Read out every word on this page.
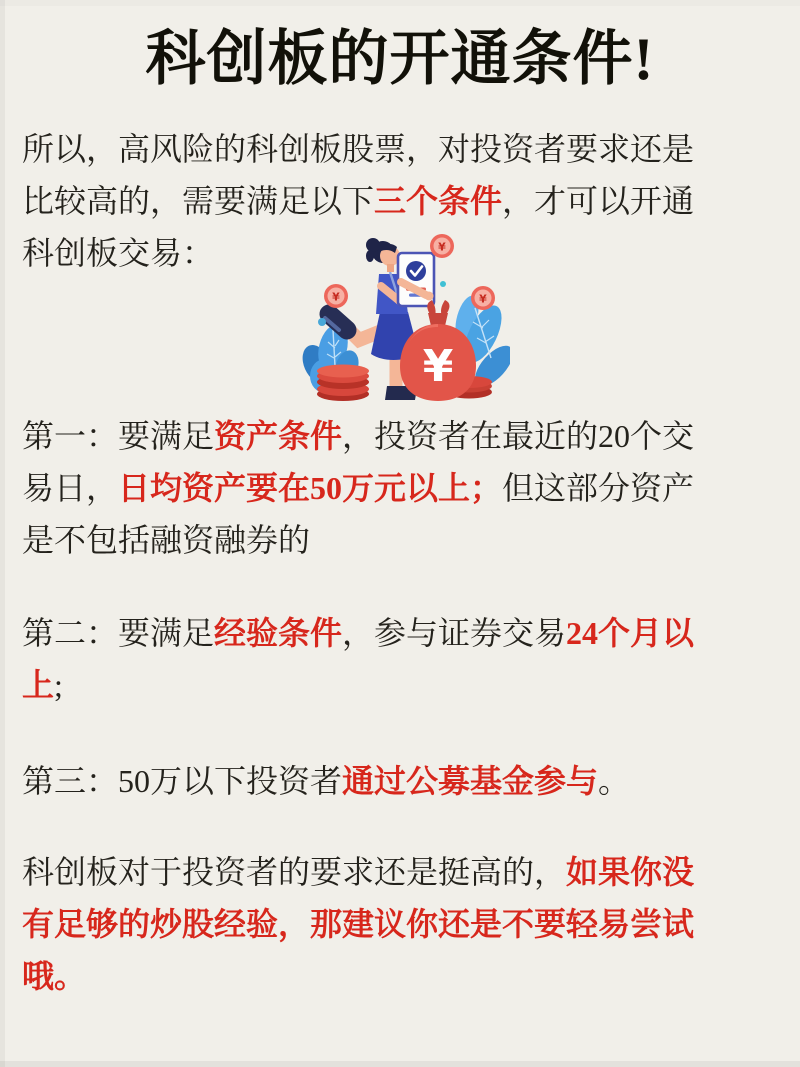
科创板的开通条件!
所以，高风险的科创板股票，对投资者要求还是比较高的，需要满足以下三个条件，才可以开通科创板交易：
¥
¥
¥	¥
第一：要满足资产条件，投资者在最近的20个交易日，日均资产要在50万元以上；但这部分资产是不包括融资融券的
第二：要满足经验条件，参与证券交易24个月以上;
第三：50万以下投资者通过公募基金参与。
科创板对于投资者的要求还是挺高的，如果你没有足够的炒股经验，那建议你还是不要轻易尝试哦。
